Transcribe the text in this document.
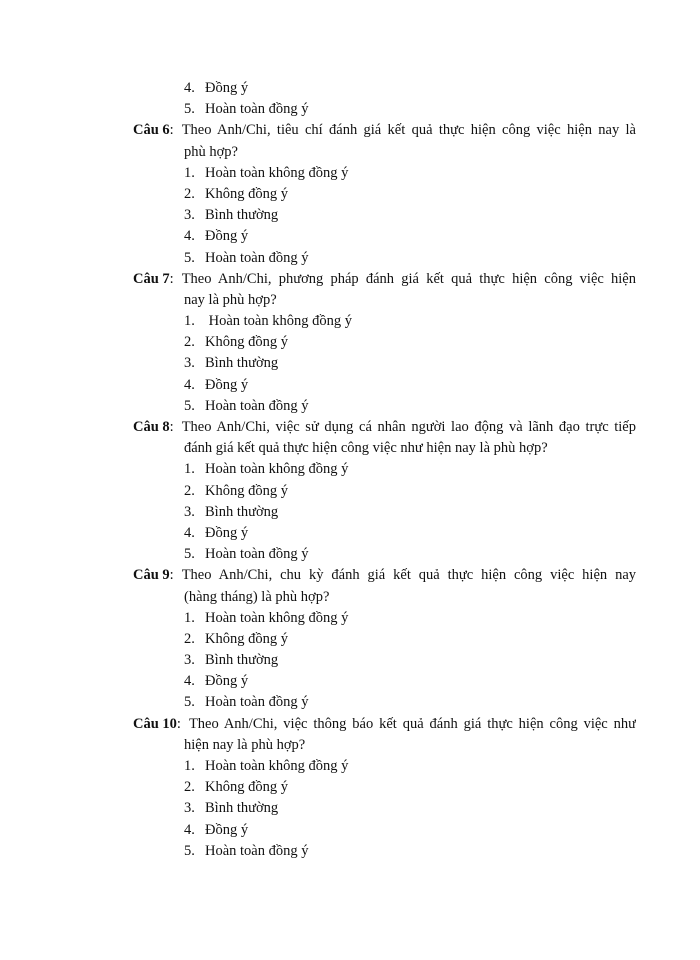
4. Đồng ý
5. Hoàn toàn đồng ý
Câu 6 : Theo Anh/Chi, tiêu chí đánh giá kết quả thực hiện công việc hiện nay là
phù hợp?
1. Hoàn toàn không đồng ý
2. Không đồng ý
3. Bình thường
4. Đồng ý
5. Hoàn toàn đồng ý
Câu 7 : Theo Anh/Chi, phương pháp đánh giá kết quả thực hiện công việc hiện
nay là phù hợp?
1. Hoàn toàn không đồng ý
2. Không đồng ý
3. Bình thường
4. Đồng ý
5. Hoàn toàn đồng ý
Câu 8 : Theo Anh/Chi, việc sử dụng cá nhân người lao động và lãnh đạo trực tiếp
đánh giá kết quả thực hiện công việc như hiện nay là phù hợp?
1. Hoàn toàn không đồng ý
2. Không đồng ý
3. Bình thường
4. Đồng ý
5. Hoàn toàn đồng ý
Câu 9 : Theo Anh/Chi, chu kỳ đánh giá kết quả thực hiện công việc hiện nay
(hàng tháng) là phù hợp?
1. Hoàn toàn không đồng ý
2. Không đồng ý
3. Bình thường
4. Đồng ý
5. Hoàn toàn đồng ý
Câu 10 : Theo Anh/Chi, việc thông báo kết quả đánh giá thực hiện công việc như
hiện nay là phù hợp?
1. Hoàn toàn không đồng ý
2. Không đồng ý
3. Bình thường
4. Đồng ý
5. Hoàn toàn đồng ý
